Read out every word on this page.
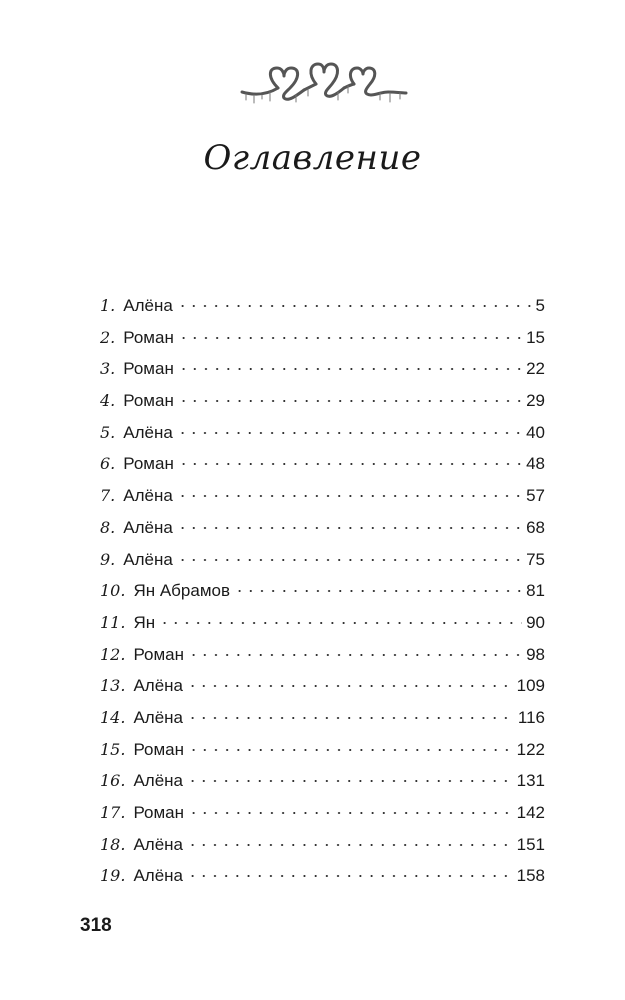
Оглавление
1. Алёна	5
2. Роман	15
3. Роман	22
4. Роман	29
5. Алёна	40
6. Роман	48
7. Алёна	57
8. Алёна	68
9. Алёна	75
10. Ян Абрамов	81
11. Ян	90
12. Роман	98
13. Алёна	109
14. Алёна	116
15. Роман	122
16. Алёна	131
17. Роман	142
18. Алёна	151
19. Алёна	158
318
